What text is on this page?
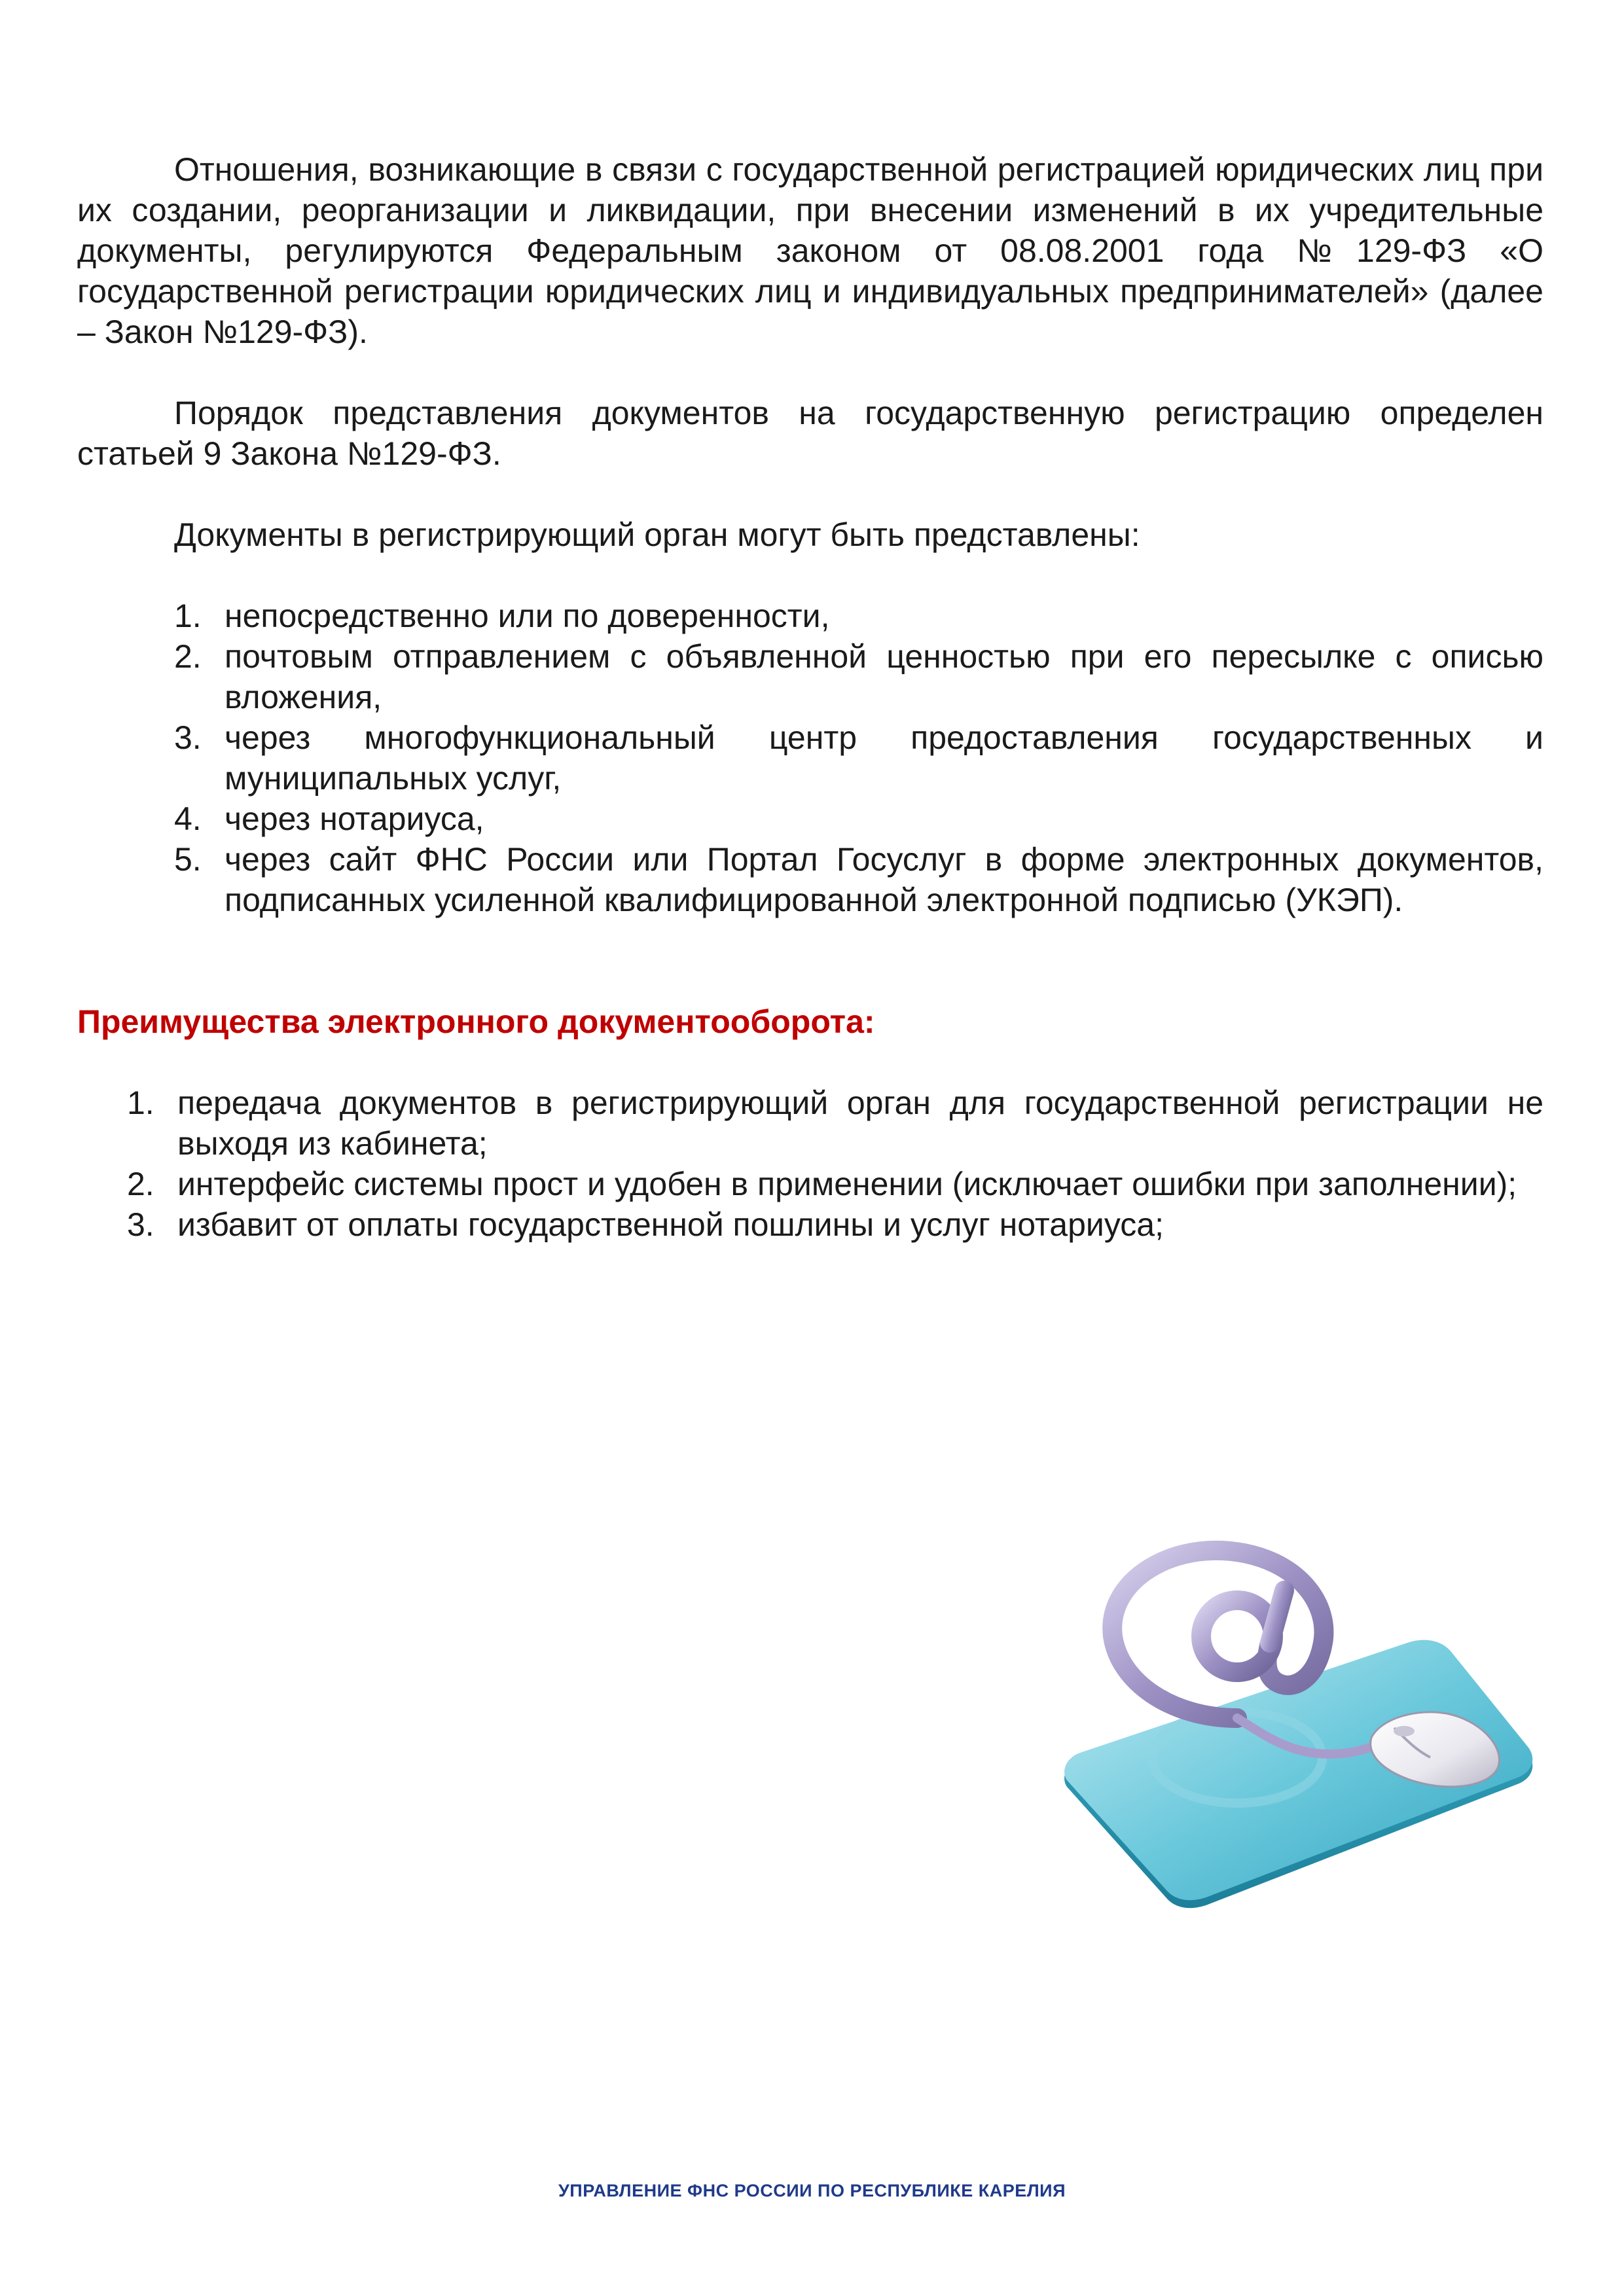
Отношения, возникающие в связи с государственной регистрацией юридических лиц при их создании, реорганизации и ликвидации, при внесении изменений в их учредительные документы, регулируются Федеральным законом от 08.08.2001 года №129-ФЗ «О государственной регистрации юридических лиц и индивидуальных предпринимателей» (далее – Закон №129-ФЗ).

Порядок представления документов на государственную регистрацию определен статьей 9 Закона №129-ФЗ.

Документы в регистрирующий орган могут быть представлены:

1. непосредственно или по доверенности,
2. почтовым отправлением с объявленной ценностью при его пересылке с описью вложения,
3. через многофункциональный центр предоставления государственных и муниципальных услуг,
4. через нотариуса,
5. через сайт ФНС России или Портал Госуслуг в форме электронных документов, подписанных усиленной квалифицированной электронной подписью (УКЭП).

Преимущества электронного документооборота:

1. передача документов в регистрирующий орган для государственной регистрации не выходя из кабинета;
2. интерфейс системы прост и удобен в применении (исключает ошибки при заполнении);
3. избавит от оплаты государственной пошлины и услуг нотариуса;
УПРАВЛЕНИЕ ФНС РОССИИ ПО РЕСПУБЛИКЕ КАРЕЛИЯ
